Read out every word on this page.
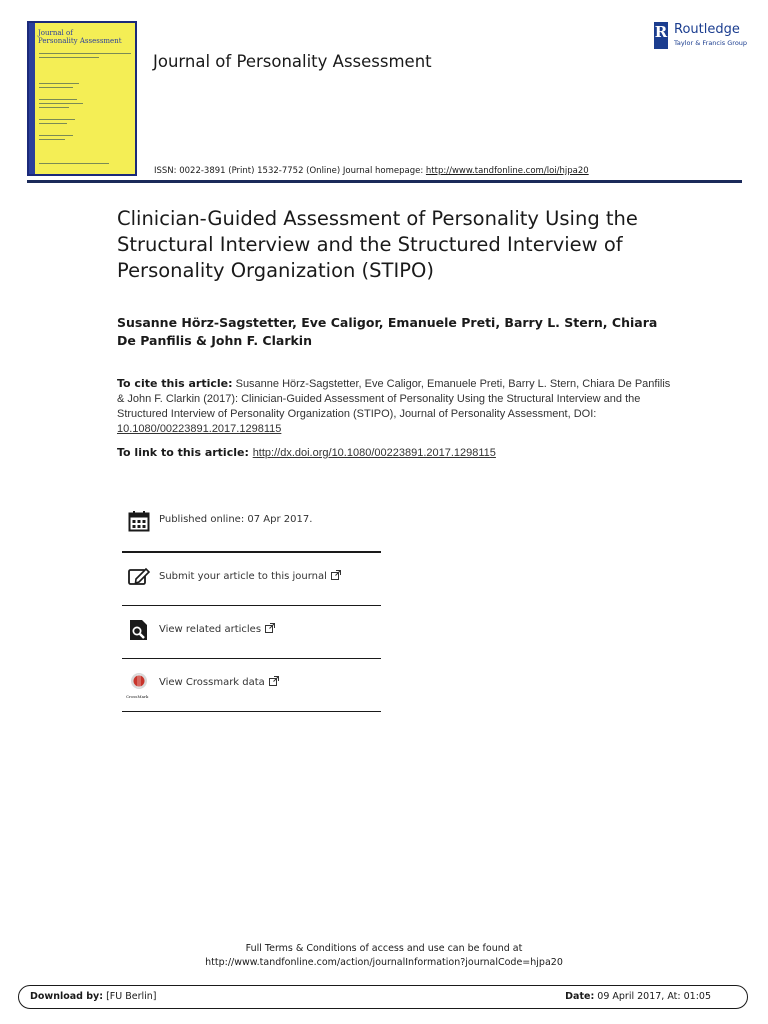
Journal of
Personality Assessment
Journal of Personality Assessment
ISSN: 0022-3891 (Print) 1532-7752 (Online) Journal homepage: http://www.tandfonline.com/loi/hjpa20
R Routledge
Taylor & Francis Group
Clinician-Guided Assessment of Personality Using the Structural Interview and the Structured Interview of Personality Organization (STIPO)
Susanne Hörz-Sagstetter, Eve Caligor, Emanuele Preti, Barry L. Stern, Chiara De Panfilis & John F. Clarkin
To cite this article: Susanne Hörz-Sagstetter, Eve Caligor, Emanuele Preti, Barry L. Stern, Chiara De Panfilis & John F. Clarkin (2017): Clinician-Guided Assessment of Personality Using the Structural Interview and the Structured Interview of Personality Organization (STIPO), Journal of Personality Assessment, DOI: 10.1080/00223891.2017.1298115
To link to this article: http://dx.doi.org/10.1080/00223891.2017.1298115
Published online: 07 Apr 2017.
Submit your article to this journal
View related articles
CrossMark
View Crossmark data
Full Terms & Conditions of access and use can be found at
http://www.tandfonline.com/action/journalInformation?journalCode=hjpa20
Download by: [FU Berlin]	Date: 09 April 2017, At: 01:05
